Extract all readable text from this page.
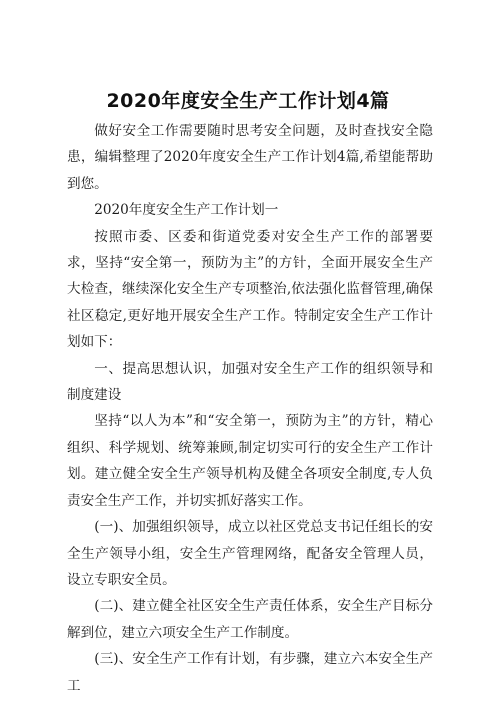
2020年度安全生产工作计划4篇

做好安全工作需要随时思考安全问题，及时查找安全隐患，编辑整理了2020年度安全生产工作计划4篇,希望能帮助到您。

2020年度安全生产工作计划一

按照市委、区委和街道党委对安全生产工作的部署要求，坚持“安全第一，预防为主”的方针，全面开展安全生产大检查，继续深化安全生产专项整治,依法强化监督管理,确保社区稳定,更好地开展安全生产工作。特制定安全生产工作计划如下：

一、提高思想认识，加强对安全生产工作的组织领导和制度建设

坚持“以人为本”和“安全第一，预防为主”的方针，精心组织、科学规划、统筹兼顾,制定切实可行的安全生产工作计划。建立健全安全生产领导机构及健全各项安全制度,专人负责安全生产工作，并切实抓好落实工作。

(一)、加强组织领导，成立以社区党总支书记任组长的安全生产领导小组，安全生产管理网络，配备安全管理人员，设立专职安全员。

(二)、建立健全社区安全生产责任体系，安全生产目标分解到位，建立六项安全生产工作制度。

(三)、安全生产工作有计划，有步骤，建立六本安全生产工
